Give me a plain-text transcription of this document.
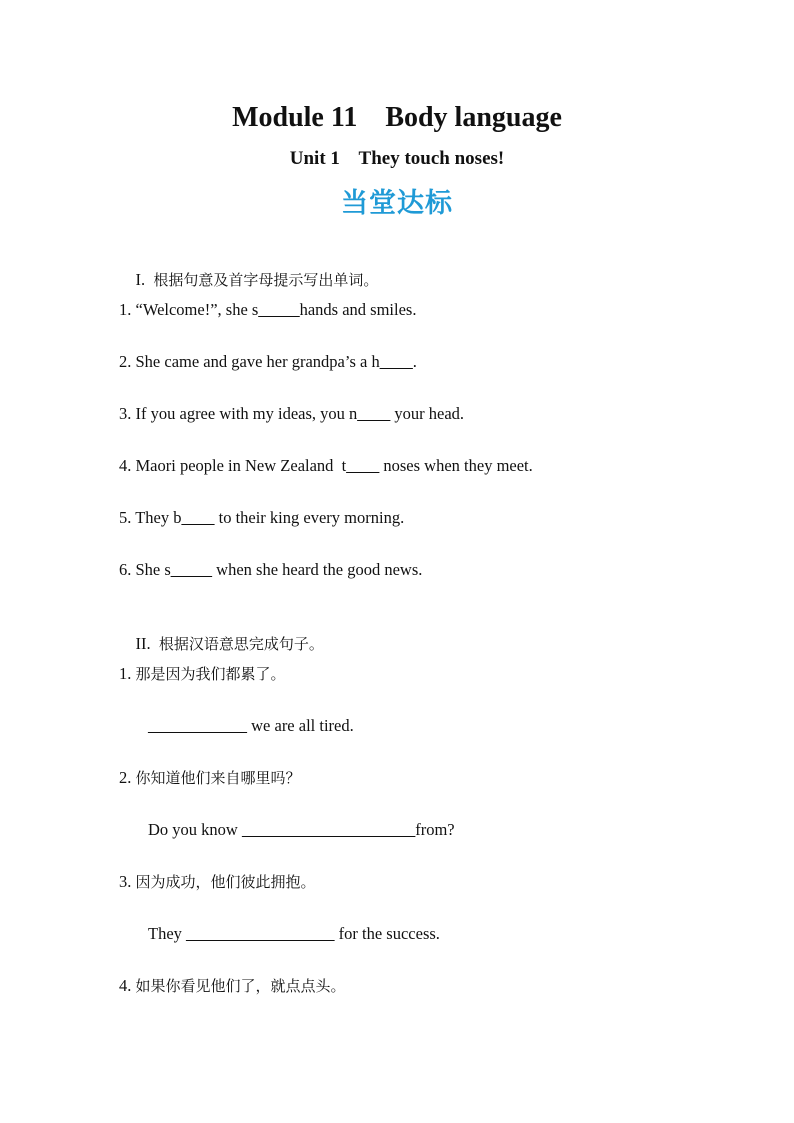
Module 11    Body language
Unit 1    They touch noses!
当堂达标

I. 根据句意及首字母提示写出单词。

1. “Welcome!”, she s_____hands and smiles.
2. She came and gave her grandpa’s a h____.
3. If you agree with my ideas, you n____ your head.
4. Maori people in New Zealand  t____ noses when they meet.
5. They b____ to their king every morning.
6. She s_____ when she heard the good news.

II. 根据汉语意思完成句子。

1. 那是因为我们都累了。
____________ we are all tired.
2. 你知道他们来自哪里吗？
Do you know _____________________from?
3. 因为成功，他们彼此拥抱。
They __________________ for the success.
4. 如果你看见他们了，就点点头。
